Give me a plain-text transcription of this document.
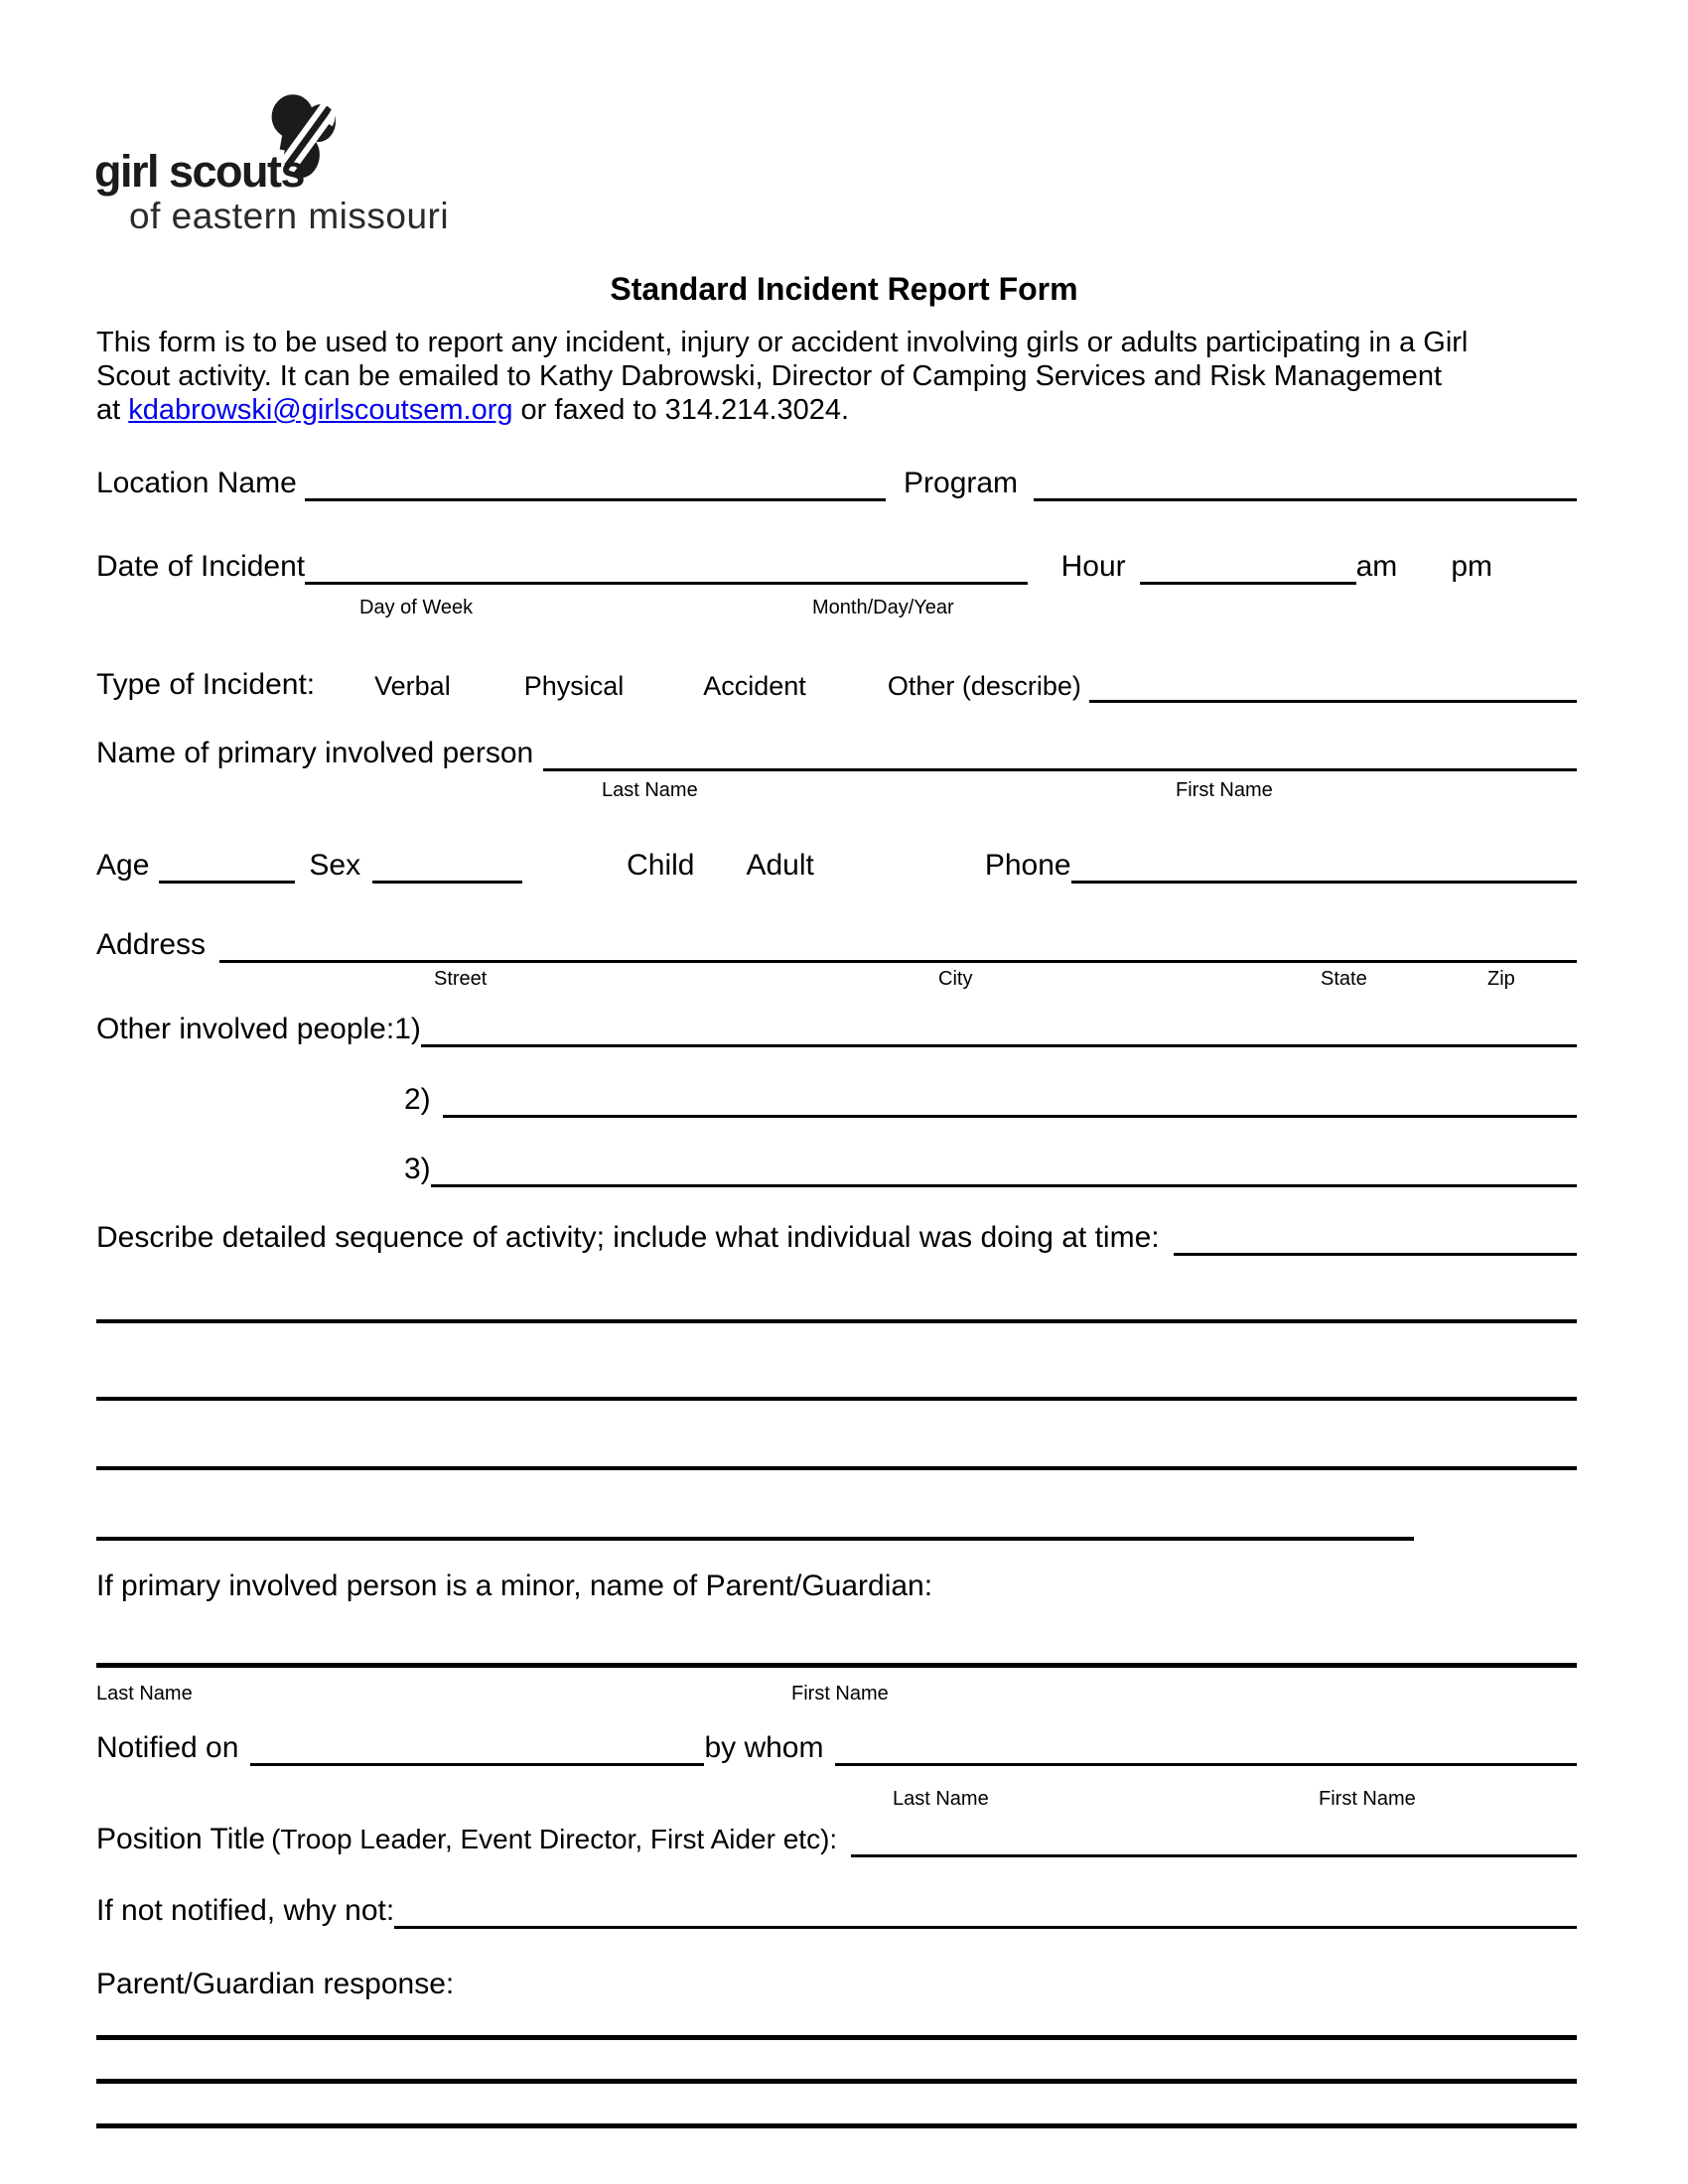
girl scouts
of eastern missouri
Standard Incident Report Form
This form is to be used to report any incident, injury or accident involving girls or adults participating in a Girl
Scout activity. It can be emailed to Kathy Dabrowski, Director of Camping Services and Risk Management
at kdabrowski@girlscoutsem.org or faxed to 314.214.3024.
Location Name	Program
Date of Incident	Hour	am pm
Day of Week	Month/Day/Year
Type of Incident: Verbal	Physical	Accident	Other (describe)
Name of primary involved person
Last Name	First Name
Age	Sex	Child Adult	Phone
Address
Street	City	State	Zip
Other involved people:1)
2)
3)
Describe detailed sequence of activity; include what individual was doing at time:
If primary involved person is a minor, name of Parent/Guardian:
Last Name	First Name
Notified on	by whom
Last Name	First Name
Position Title (Troop Leader, Event Director, First Aider etc):
If not notified, why not:
Parent/Guardian response:
